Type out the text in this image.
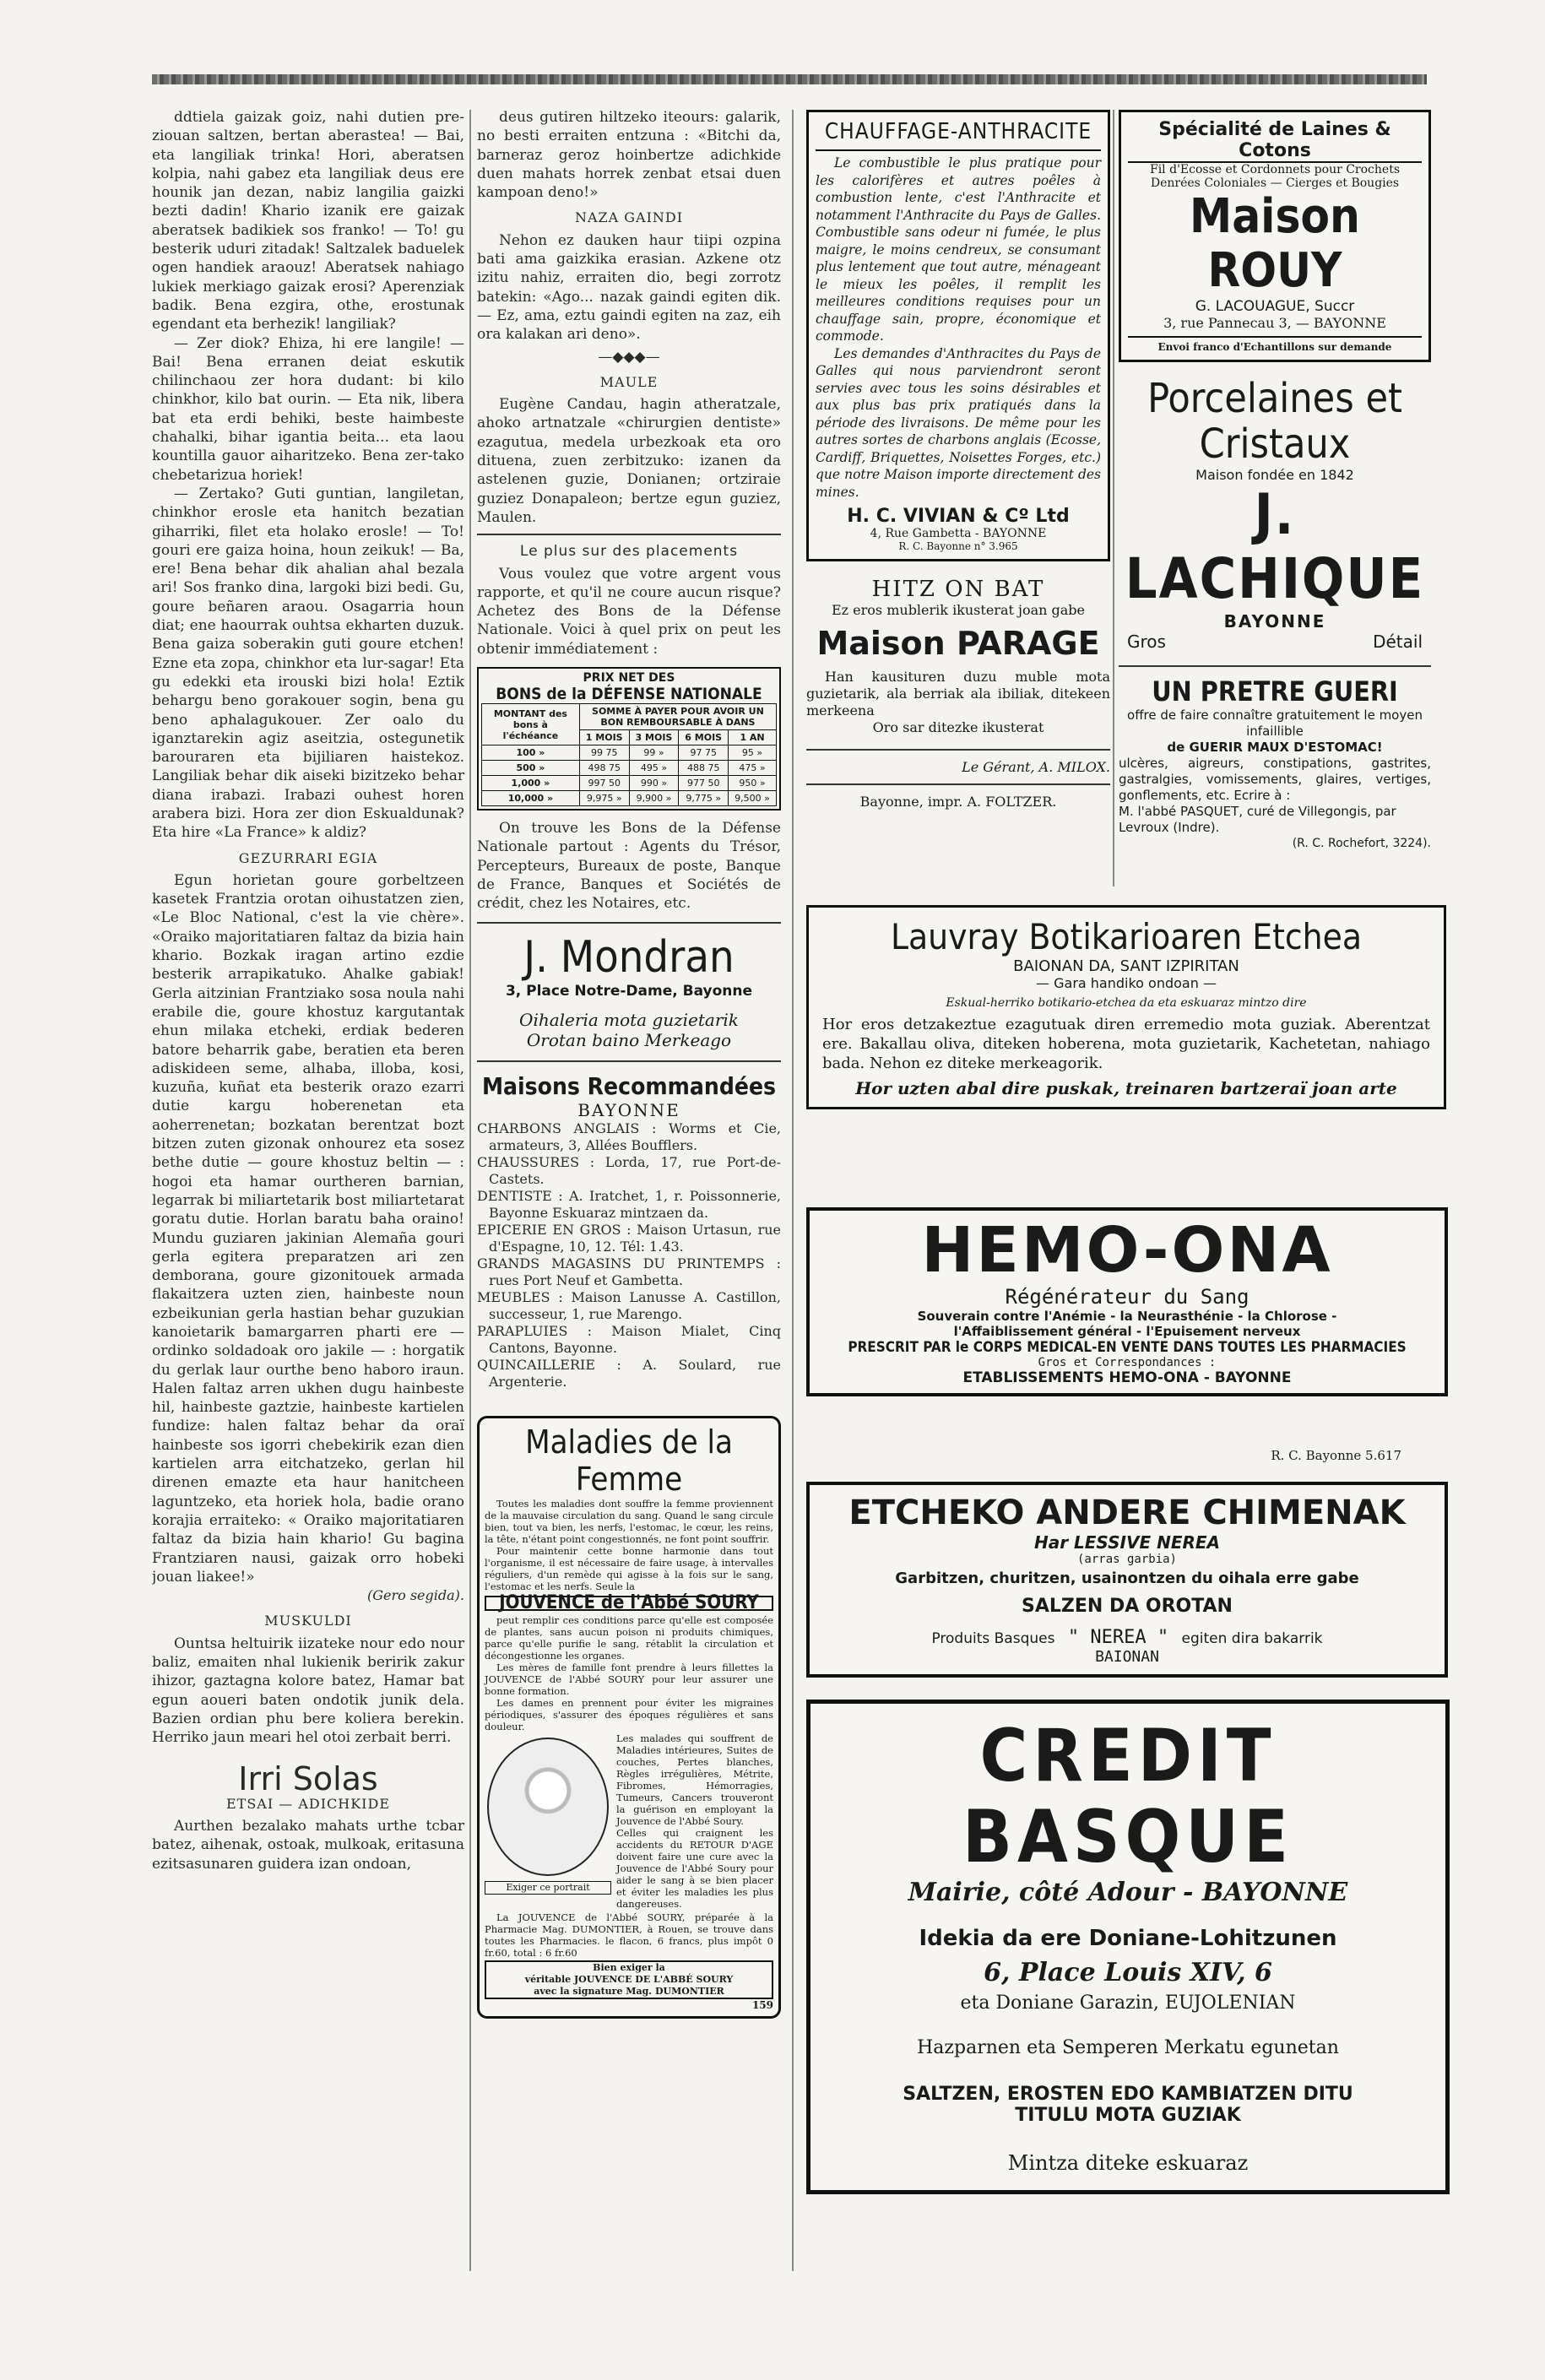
ddtiela gaizak goiz, nahi dutien pre-ziouan saltzen, bertan aberastea! — Bai, eta langiliak trinka! Hori, aberatsen kolpia, nahi gabez eta langiliak deus ere hounik jan dezan, nabiz langilia gaizki bezti dadin! Khario izanik ere gaizak aberatsek badikiek sos franko! — To! gu besterik uduri zitadak! Saltzalek baduelek ogen handiek araouz! Aberatsek nahiago lukiek merkiago gaizak erosi? Aperenziak badik. Bena ezgira, othe, erostunak egendant eta berhezik! langiliak?

— Zer diok? Ehiza, hi ere langile! — Bai! Bena erranen deiat eskutik chilinchaou zer hora dudant: bi kilo chinkhor, kilo bat ourin. — Eta nik, libera bat eta erdi behiki, beste haimbeste chahalki, bihar igantia beita... eta laou kountilla gauor aiharitzeko. Bena zer-tako chebetarizua horiek!

— Zertako? Guti guntian, langiletan, chinkhor erosle eta hanitch bezatian giharriki, filet eta holako erosle! — To! gouri ere gaiza hoina, houn zeikuk! — Ba, ere! Bena behar dik ahalian ahal bezala ari! Sos franko dina, largoki bizi bedi. Gu, goure beñaren araou. Osagarria houn diat; ene haourrak ouhtsa ekharten duzuk. Bena gaiza soberakin guti goure etchen! Ezne eta zopa, chinkhor eta lur-sagar! Eta gu edekki eta irouski bizi hola! Eztik behargu beno gorakouer sogin, bena gu beno aphalagukouer. Zer oalo du iganztarekin agiz aseitzia, ostegunetik barouraren eta bijiliaren haistekoz. Langiliak behar dik aiseki bizitzeko behar diana irabazi. Irabazi ouhest horen arabera bizi. Hora zer dion Eskualdunak? Eta hire «La France» k aldiz?

GEZURRARI EGIA

Egun horietan goure gorbeltzeen kasetek Frantzia orotan oihustatzen zien, «Le Bloc National, c'est la vie chère». «Oraiko majoritatiaren faltaz da bizia hain khario. Bozkak iragan artino ezdie besterik arrapikatuko. Ahalke gabiak! Gerla aitzinian Frantziako sosa noula nahi erabile die, goure khostuz kargutantak ehun milaka etcheki, erdiak bederen batore beharrik gabe, beratien eta beren adiskideen seme, alhaba, illoba, kosi, kuzuña, kuñat eta besterik orazo ezarri dutie kargu hoberenetan eta aoherrenetan; bozkatan berentzat bozt bitzen zuten gizonak onhourez eta sosez bethe dutie — goure khostuz beltin — : hogoi eta hamar ourtheren barnian, legarrak bi miliartetarik bost miliartetarat goratu dutie. Horlan baratu baha oraino! Mundu guziaren jakinian Alemaña gouri gerla egitera preparatzen ari zen demborana, goure gizonitouek armada flakaitzera uzten zien, hainbeste noun ezbeikunian gerla hastian behar guzukian kanoietarik bamargarren pharti ere — ordinko soldadoak oro jakile — : horgatik du gerlak laur ourthe beno haboro iraun. Halen faltaz arren ukhen dugu hainbeste hil, hainbeste gaztzie, hainbeste kartielen fundize: halen faltaz behar da oraï hainbeste sos igorri chebekirik ezan dien kartielen arra eitchatzeko, gerlan hil direnen emazte eta haur hanitcheen laguntzeko, eta horiek hola, badie orano korajia erraiteko: « Oraiko majoritatiaren faltaz da bizia hain khario! Gu bagina Frantziaren nausi, gaizak orro hobeki jouan liakee!»

(Gero segida).
MUSKULDI

Ountsa heltuirik iizateke nour edo nour baliz, emaiten nhal lukienik beririk zakur ihizor, gaztagna kolore batez, Hamar bat egun aoueri baten ondotik junik dela. Bazien ordian phu bere koliera berekin. Herriko jaun meari hel otoi zerbait berri.

Irri Solas
ETSAI — ADICHKIDE

Aurthen bezalako mahats urthe tcbar batez, aihenak, ostoak, mulkoak, eritasuna ezitsasunaren guidera izan ondoan,

deus gutiren hiltzeko iteours: galarik, no besti erraiten entzuna : «Bitchi da, barneraz geroz hoinbertze adichkide duen mahats horrek zenbat etsai duen kampoan deno!»

NAZA GAINDI

Nehon ez dauken haur tiipi ozpina bati ama gaizkika erasian. Azkene otz izitu nahiz, erraiten dio, begi zorrotz batekin: «Ago... nazak gaindi egiten dik. — Ez, ama, eztu gaindi egiten na zaz, eih ora kalakan ari deno».

—◆◆◆—
MAULE

Eugène Candau, hagin atheratzale, ahoko artnatzale «chirurgien dentiste» ezagutua, medela urbezkoak eta oro dituena, zuen zerbitzuko: izanen da astelenen guzie, Donianen; ortziraie guziez Donapaleon; bertze egun guziez, Maulen.

Le plus sur des placements

Vous voulez que votre argent vous rapporte, et qu'il ne coure aucun risque? Achetez des Bons de la Défense Nationale. Voici à quel prix on peut les obtenir immédiatement :

PRIX NET DES
BONS de la DÉFENSE NATIONALE
MONTANT des bons à l'échéance	SOMME À PAYER POUR AVOIR UN BON REMBOURSABLE À DANS			
	1 MOIS	3 MOIS	6 MOIS	1 AN
100 »	99 75	99 »	97 75	95 »
500 »	498 75	495 »	488 75	475 »
1,000 »	997 50	990 »	977 50	950 »
10,000 »	9,975 »	9,900 »	9,775 »	9,500 »

On trouve les Bons de la Défense Nationale partout : Agents du Trésor, Percepteurs, Bureaux de poste, Banque de France, Banques et Sociétés de crédit, chez les Notaires, etc.

J. Mondran
3, Place Notre-Dame, Bayonne
Oihaleria mota guzietarik
Orotan baino Merkeago
Maisons Recommandées
BAYONNE
CHARBONS ANGLAIS : Worms et Cie, armateurs, 3, Allées Boufflers.
CHAUSSURES : Lorda, 17, rue Port-de-Castets.
DENTISTE : A. Iratchet, 1, r. Poissonnerie, Bayonne Eskuaraz mintzaen da.
EPICERIE EN GROS : Maison Urtasun, rue d'Espagne, 10, 12. Tél: 1.43.
GRANDS MAGASINS DU PRINTEMPS : rues Port Neuf et Gambetta.
MEUBLES : Maison Lanusse A. Castillon, successeur, 1, rue Marengo.
PARAPLUIES : Maison Mialet, Cinq Cantons, Bayonne.
QUINCAILLERIE : A. Soulard, rue Argenterie.
Maladies de la Femme

Toutes les maladies dont souffre la femme proviennent de la mauvaise circulation du sang. Quand le sang circule bien, tout va bien, les nerfs, l'estomac, le cœur, les reins, la tête, n'étant point congestionnés, ne font point souffrir.

Pour maintenir cette bonne harmonie dans tout l'organisme, il est nécessaire de faire usage, à intervalles réguliers, d'un remède qui agisse à la fois sur le sang, l'estomac et les nerfs. Seule la

JOUVENCE de l'Abbé SOURY

peut remplir ces conditions parce qu'elle est composée de plantes, sans aucun poison ni produits chimiques, parce qu'elle purifie le sang, rétablit la circulation et décongestionne les organes.

Les mères de famille font prendre à leurs fillettes la JOUVENCE de l'Abbé SOURY pour leur assurer une bonne formation.

Les dames en prennent pour éviter les migraines périodiques, s'assurer des époques régulières et sans douleur.

Exiger ce portrait

Les malades qui souffrent de Maladies intérieures, Suites de couches, Pertes blanches, Règles irrégulières, Métrite, Fibromes, Hémorragies, Tumeurs, Cancers trouveront la guérison en employant la Jouvence de l'Abbé Soury.

Celles qui craignent les accidents du RETOUR D'AGE doivent faire une cure avec la Jouvence de l'Abbé Soury pour aider le sang à se bien placer et éviter les maladies les plus dangereuses.

La JOUVENCE de l'Abbé SOURY, préparée à la Pharmacie Mag. DUMONTIER, à Rouen, se trouve dans toutes les Pharmacies. le flacon, 6 francs, plus impôt 0 fr.60, total : 6 fr.60

Bien exiger la
véritable JOUVENCE DE L'ABBÉ SOURY
avec la signature Mag. DUMONTIER
159
CHAUFFAGE-ANTHRACITE

Le combustible le plus pratique pour les calorifères et autres poêles à combustion lente, c'est l'Anthracite et notamment l'Anthracite du Pays de Galles. Combustible sans odeur ni fumée, le plus maigre, le moins cendreux, se consumant plus lentement que tout autre, ménageant le mieux les poêles, il remplit les meilleures conditions requises pour un chauffage sain, propre, économique et commode.

Les demandes d'Anthracites du Pays de Galles qui nous parviendront seront servies avec tous les soins désirables et aux plus bas prix pratiqués dans la période des livraisons. De même pour les autres sortes de charbons anglais (Ecosse, Cardiff, Briquettes, Noisettes Forges, etc.) que notre Maison importe directement des mines.

H. C. VIVIAN & Cº Ltd
4, Rue Gambetta - BAYONNE
R. C. Bayonne n° 3.965
HITZ ON BAT
Ez eros mublerik ikusterat joan gabe
Maison PARAGE
Han kausituren duzu muble mota guzietarik, ala berriak ala ibiliak, ditekeen merkeena
Oro sar ditezke ikusterat
Le Gérant, A. MILOX.
Bayonne, impr. A. FOLTZER.
Spécialité de Laines & Cotons
Fil d'Ecosse et Cordonnets pour Crochets
Denrées Coloniales — Cierges et Bougies
Maison ROUY
G. LACOUAGUE, Succr
3, rue Pannecau 3, — BAYONNE
Envoi franco d'Echantillons sur demande
Porcelaines et Cristaux
Maison fondée en 1842
J. LACHIQUE
BAYONNE
Gros	Détail
UN PRETRE GUERI
offre de faire connaître gratuitement le moyen infaillible
de GUERIR MAUX D'ESTOMAC!
ulcères, aigreurs, constipations, gastrites, gastralgies, vomissements, glaires, vertiges, gonflements, etc. Ecrire à :
M. l'abbé PASQUET, curé de Villegongis, par Levroux (Indre).
(R. C. Rochefort, 3224).
Lauvray Botikarioaren Etchea
BAIONAN DA, SANT IZPIRITAN
— Gara handiko ondoan —
Eskual-herriko botikario-etchea da eta eskuaraz mintzo dire
Hor eros detzakeztue ezagutuak diren erremedio mota guziak. Aberentzat ere. Bakallau oliva, diteken hoberena, mota guzietarik, Kachetetan, nahiago bada. Nehon ez diteke merkeagorik.
Hor uzten abal dire puskak, treinaren bartzeraï joan arte
HEMO-ONA
Régénérateur du Sang
Souverain contre l'Anémie - la Neurasthénie - la Chlorose -
l'Affaiblissement général - l'Epuisement nerveux
PRESCRIT PAR le CORPS MEDICAL-EN VENTE DANS TOUTES LES PHARMACIES
Gros et Correspondances :
ETABLISSEMENTS HEMO-ONA - BAYONNE
R. C. Bayonne 5.617
ETCHEKO ANDERE CHIMENAK
Har LESSIVE NEREA
(arras garbia)
Garbitzen, churitzen, usainontzen du oihala erre gabe
SALZEN DA OROTAN
Produits Basques " NEREA " egiten dira bakarrik
BAIONAN
CREDIT BASQUE
Mairie, côté Adour - BAYONNE
Idekia da ere Doniane-Lohitzunen
6, Place Louis XIV, 6
eta Doniane Garazin, EUJOLENIAN
Hazparnen eta Semperen Merkatu egunetan
SALTZEN, EROSTEN EDO KAMBIATZEN DITU
TITULU MOTA GUZIAK
Mintza diteke eskuaraz
